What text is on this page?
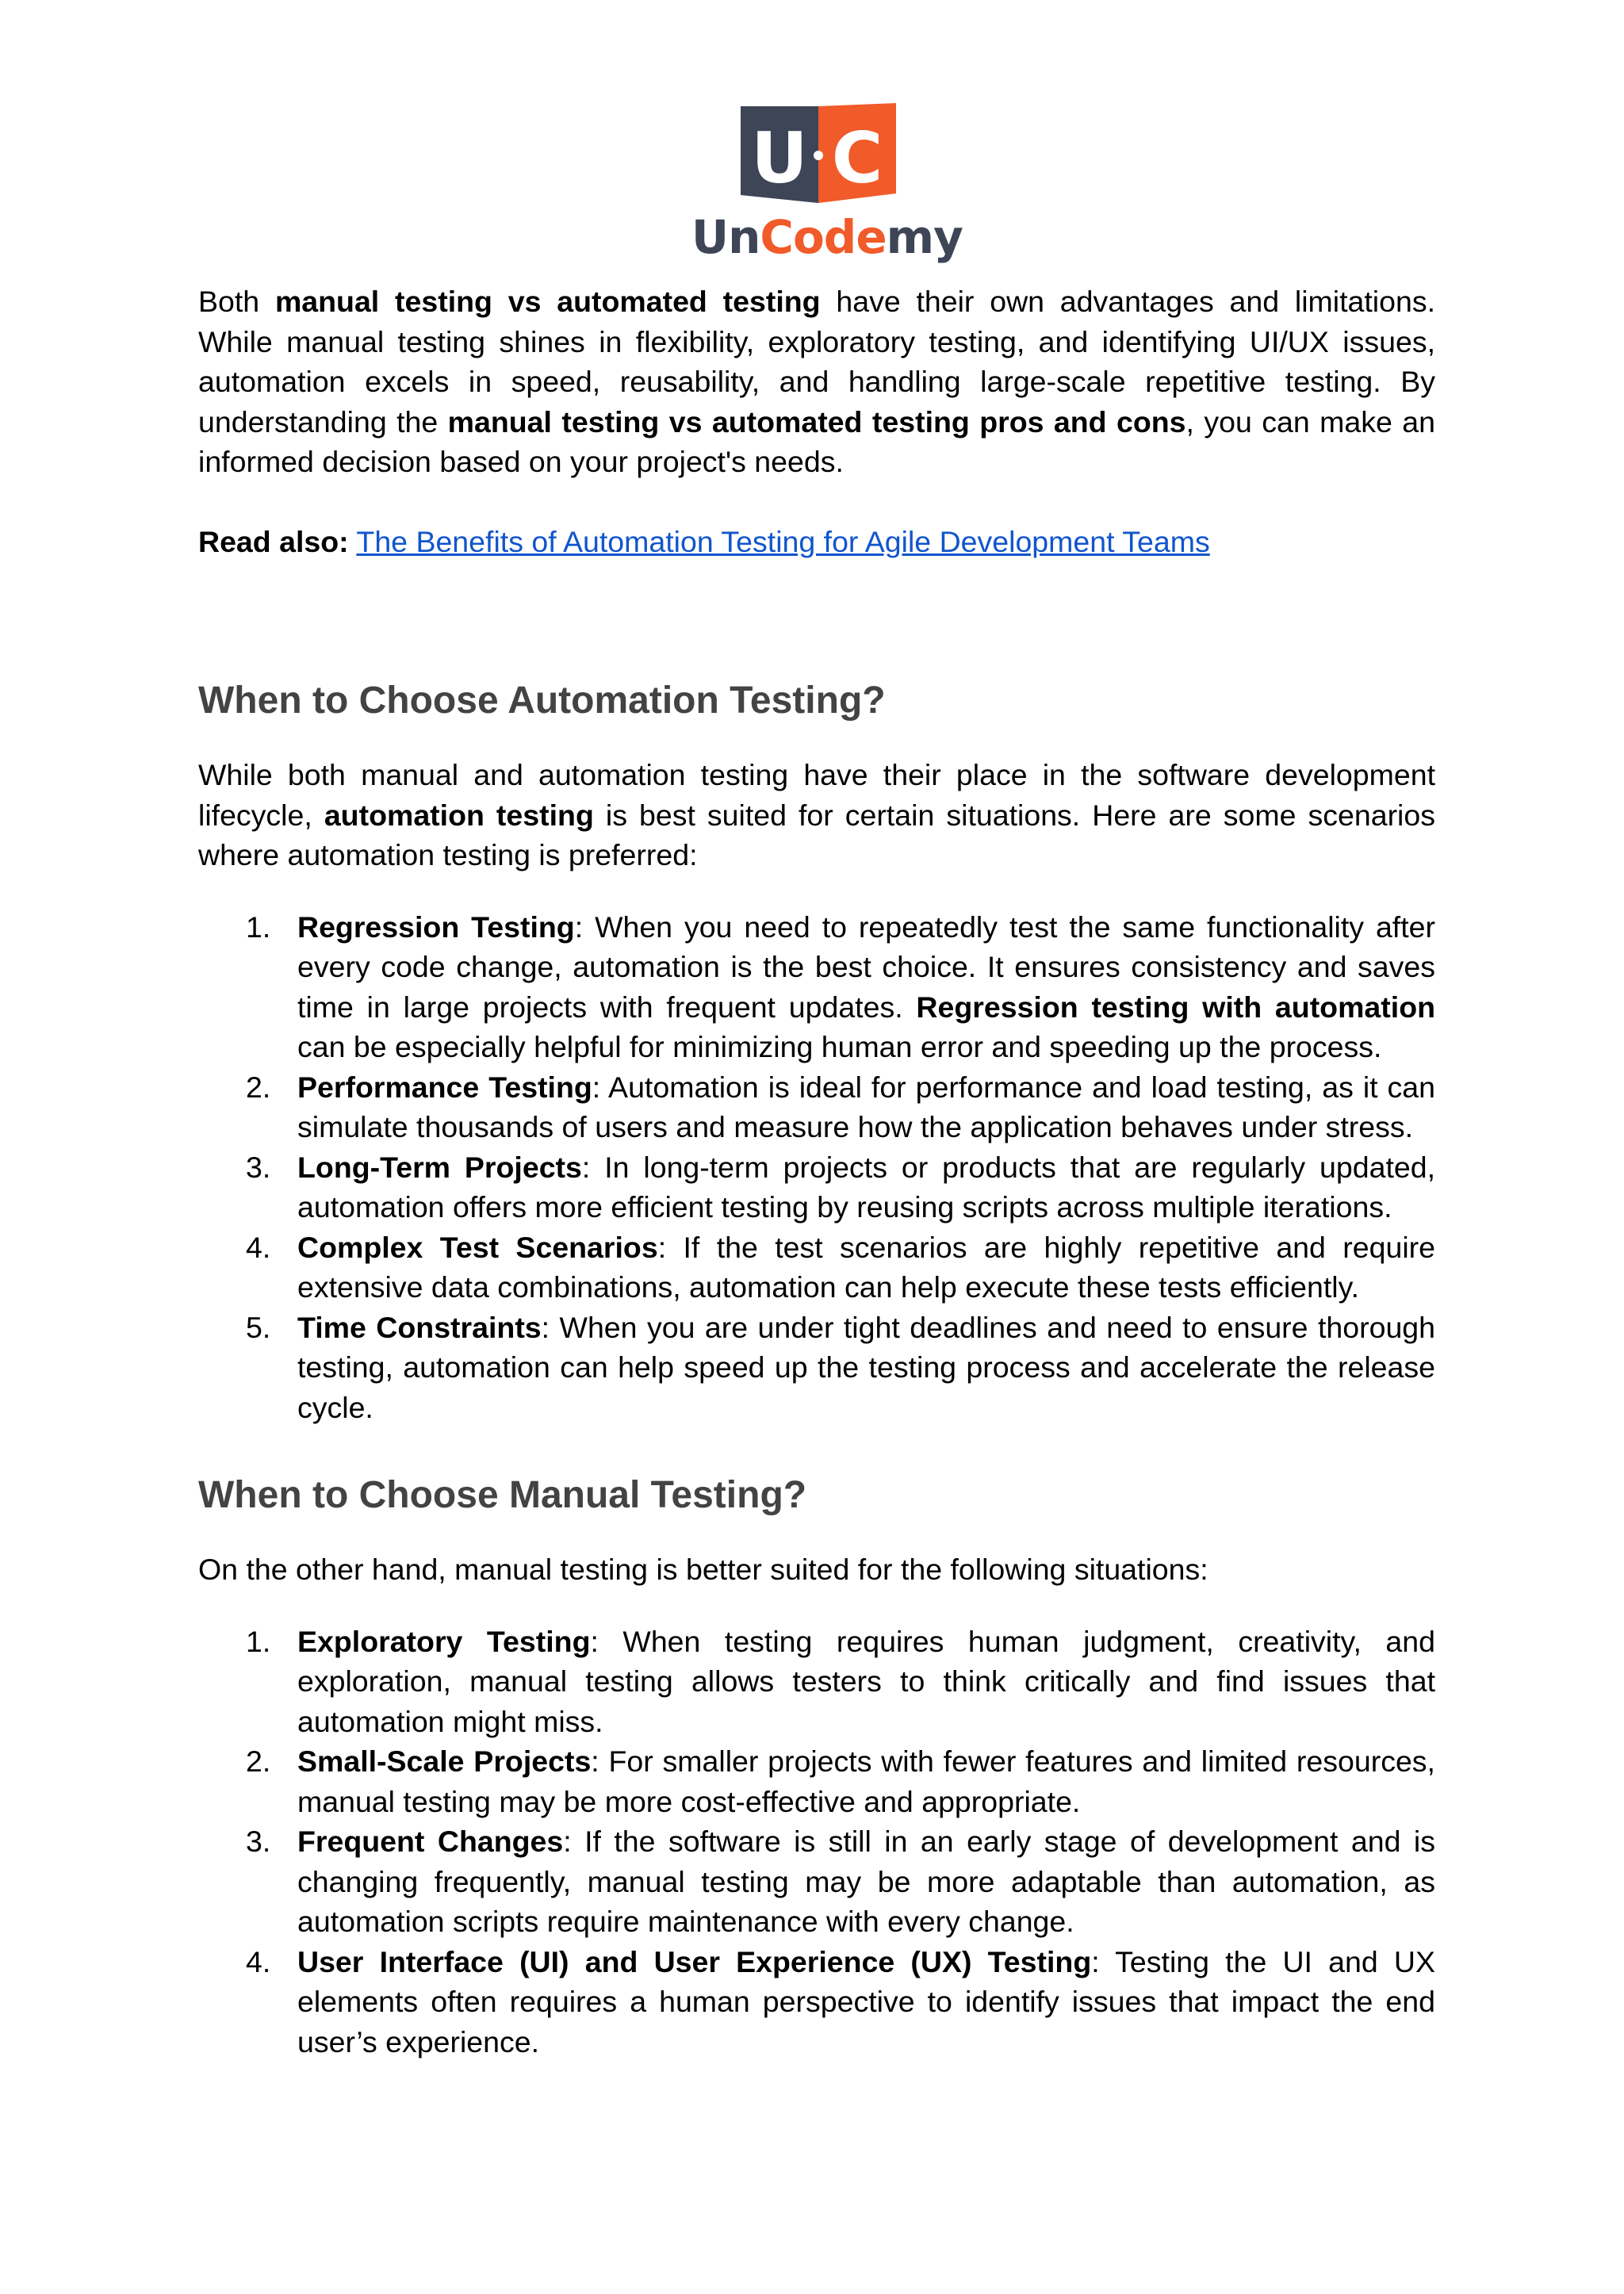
U C
UnCodemy

Both manual testing vs automated testing have their own advantages and limitations. While manual testing shines in flexibility, exploratory testing, and identifying UI/UX issues, automation excels in speed, reusability, and handling large-scale repetitive testing. By understanding the manual testing vs automated testing pros and cons, you can make an informed decision based on your project's needs.

Read also: The Benefits of Automation Testing for Agile Development Teams

When to Choose Automation Testing?

While both manual and automation testing have their place in the software development lifecycle, automation testing is best suited for certain situations. Here are some scenarios where automation testing is preferred:

1. Regression Testing: When you need to repeatedly test the same functionality after every code change, automation is the best choice. It ensures consistency and saves time in large projects with frequent updates. Regression testing with automation can be especially helpful for minimizing human error and speeding up the process.
2. Performance Testing: Automation is ideal for performance and load testing, as it can simulate thousands of users and measure how the application behaves under stress.
3. Long-Term Projects: In long-term projects or products that are regularly updated, automation offers more efficient testing by reusing scripts across multiple iterations.
4. Complex Test Scenarios: If the test scenarios are highly repetitive and require extensive data combinations, automation can help execute these tests efficiently.
5. Time Constraints: When you are under tight deadlines and need to ensure thorough testing, automation can help speed up the testing process and accelerate the release cycle.
When to Choose Manual Testing?

On the other hand, manual testing is better suited for the following situations:

1. Exploratory Testing: When testing requires human judgment, creativity, and exploration, manual testing allows testers to think critically and find issues that automation might miss.
2. Small-Scale Projects: For smaller projects with fewer features and limited resources, manual testing may be more cost-effective and appropriate.
3. Frequent Changes: If the software is still in an early stage of development and is changing frequently, manual testing may be more adaptable than automation, as automation scripts require maintenance with every change.
4. User Interface (UI) and User Experience (UX) Testing: Testing the UI and UX elements often requires a human perspective to identify issues that impact the end user’s experience.
